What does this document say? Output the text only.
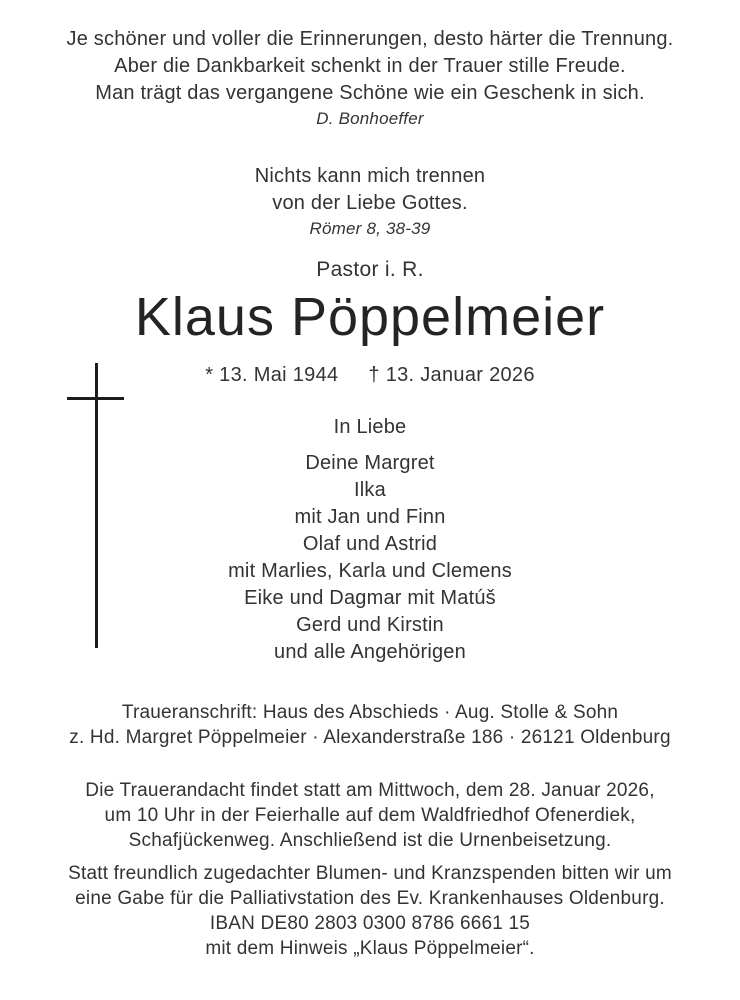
Je schöner und voller die Erinnerungen, desto härter die Trennung.
Aber die Dankbarkeit schenkt in der Trauer stille Freude.
Man trägt das vergangene Schöne wie ein Geschenk in sich.
D. Bonhoeffer
Nichts kann mich trennen
von der Liebe Gottes.
Römer 8, 38-39
Pastor i. R.
Klaus Pöppelmeier
* 13. Mai 1944 † 13. Januar 2026
In Liebe
Deine Margret
Ilka
mit Jan und Finn
Olaf und Astrid
mit Marlies, Karla und Clemens
Eike und Dagmar mit Matúš
Gerd und Kirstin
und alle Angehörigen
Traueranschrift: Haus des Abschieds · Aug. Stolle & Sohn
z. Hd. Margret Pöppelmeier · Alexanderstraße 186 · 26121 Oldenburg
Die Trauerandacht findet statt am Mittwoch, dem 28. Januar 2026,
um 10 Uhr in der Feierhalle auf dem Waldfriedhof Ofenerdiek,
Schafjückenweg. Anschließend ist die Urnenbeisetzung.
Statt freundlich zugedachter Blumen- und Kranzspenden bitten wir um
eine Gabe für die Palliativstation des Ev. Krankenhauses Oldenburg.
IBAN DE80 2803 0300 8786 6661 15
mit dem Hinweis „Klaus Pöppelmeier“.
